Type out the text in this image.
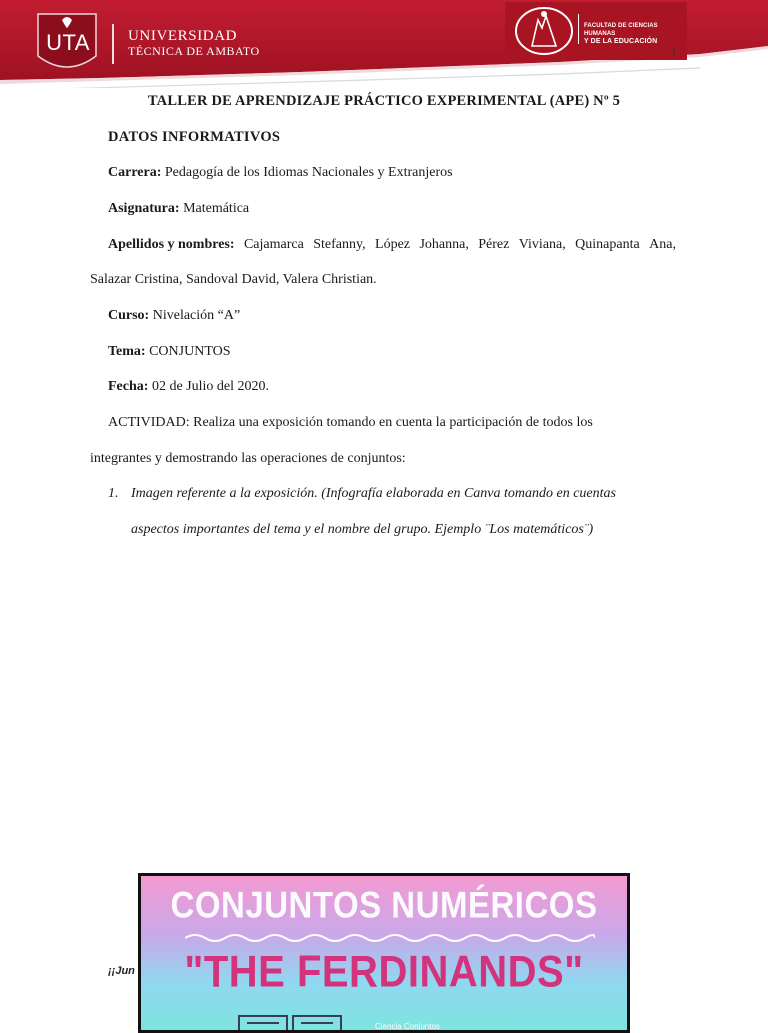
UTA	UNIVERSIDAD
TÉCNICA DE AMBATO
FACULTAD DE CIENCIAS HUMANAS
Y DE LA EDUCACIÓN
1
TALLER DE APRENDIZAJE PRÁCTICO EXPERIMENTAL (APE) Nº 5
DATOS INFORMATIVOS
Carrera: Pedagogía de los Idiomas Nacionales y Extranjeros
Asignatura: Matemática
Apellidos y nombres: Cajamarca Stefanny, López Johanna, Pérez Viviana, Quinapanta Ana,
Salazar Cristina, Sandoval David, Valera Christian.
Curso: Nivelación “A”
Tema: CONJUNTOS
Fecha: 02 de Julio del 2020.
ACTIVIDAD: Realiza una exposición tomando en cuenta la participación de todos los
integrantes y demostrando las operaciones de conjuntos:
1. Imagen referente a la exposición. (Infografía elaborada en Canva tomando en cuentas
aspectos importantes del tema y el nombre del grupo. Ejemplo ¨Los matemáticos¨)
¡¡Jun
CONJUNTOS NUMÉRICOS
"THE FERDINANDS"
Ciencia Conjuntos
